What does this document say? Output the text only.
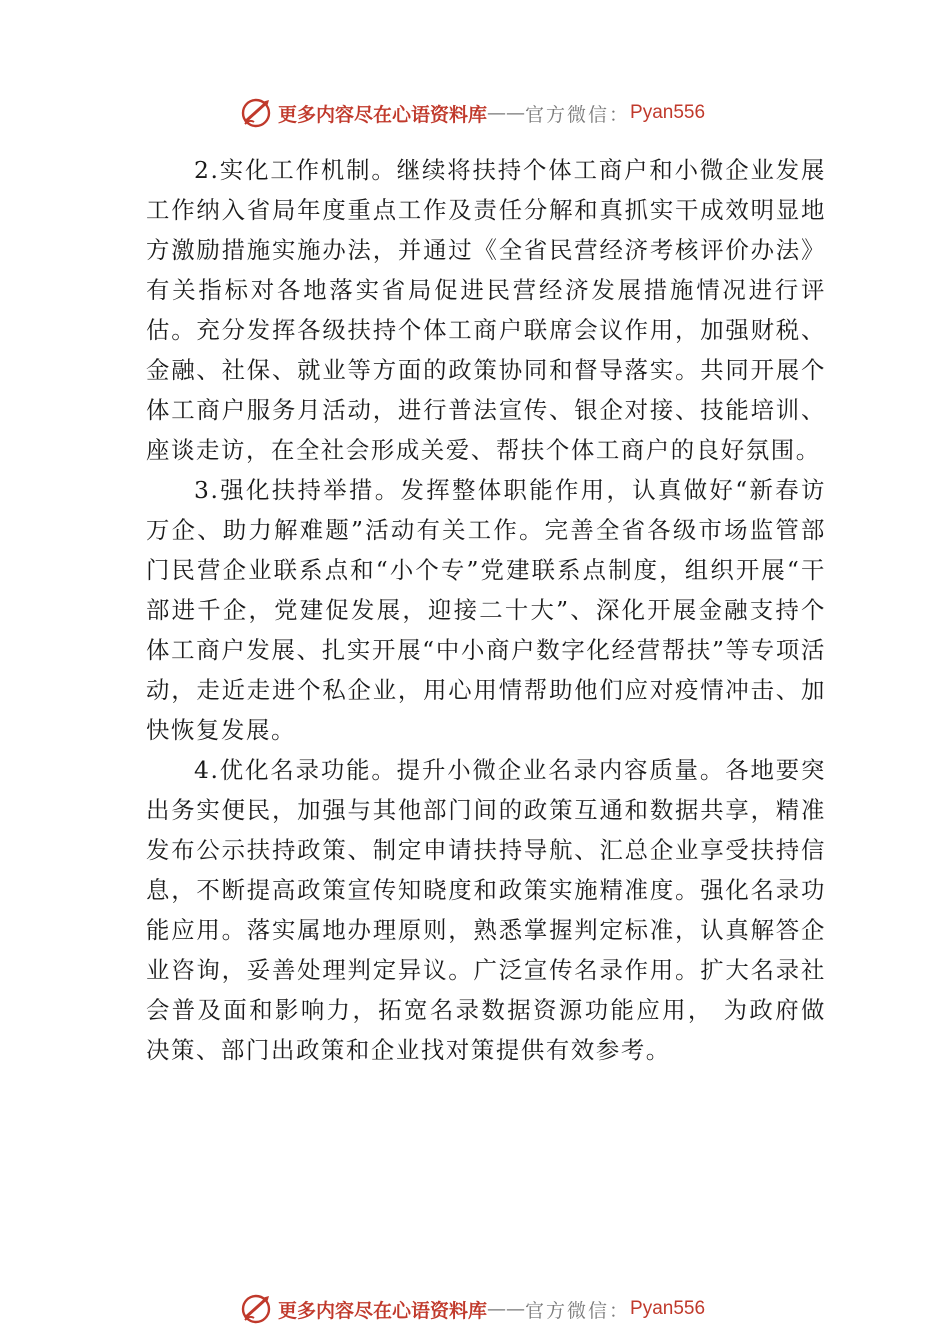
更多内容尽在心语资料库 —— 官方微信： Pyan556

2.实化工作机制。继续将扶持个体工商户和小微企业发展工作纳入省局年度重点工作及责任分解和真抓实干成效明显地方激励措施实施办法，并通过《全省民营经济考核评价办法》有关指标对各地落实省局促进民营经济发展措施情况进行评估。充分发挥各级扶持个体工商户联席会议作用，加强财税、金融、社保、就业等方面的政策协同和督导落实。共同开展个体工商户服务月活动，进行普法宣传、银企对接、技能培训、座谈走访，在全社会形成关爱、帮扶个体工商户的良好氛围。

3.强化扶持举措。发挥整体职能作用，认真做好“新春访万企、助力解难题”活动有关工作。完善全省各级市场监管部门民营企业联系点和“小个专”党建联系点制度，组织开展“干部进千企，党建促发展，迎接二十大”、深化开展金融支持个体工商户发展、扎实开展“中小商户数字化经营帮扶”等专项活动，走近走进个私企业，用心用情帮助他们应对疫情冲击、加快恢复发展。

4.优化名录功能。提升小微企业名录内容质量。各地要突出务实便民，加强与其他部门间的政策互通和数据共享，精准发布公示扶持政策、制定申请扶持导航、汇总企业享受扶持信息，不断提高政策宣传知晓度和政策实施精准度。强化名录功能应用。落实属地办理原则，熟悉掌握判定标准，认真解答企业咨询，妥善处理判定异议。广泛宣传名录作用。扩大名录社会普及面和影响力，拓宽名录数据资源功能应用， 为政府做决策、部门出政策和企业找对策提供有效参考。

更多内容尽在心语资料库 —— 官方微信： Pyan556
